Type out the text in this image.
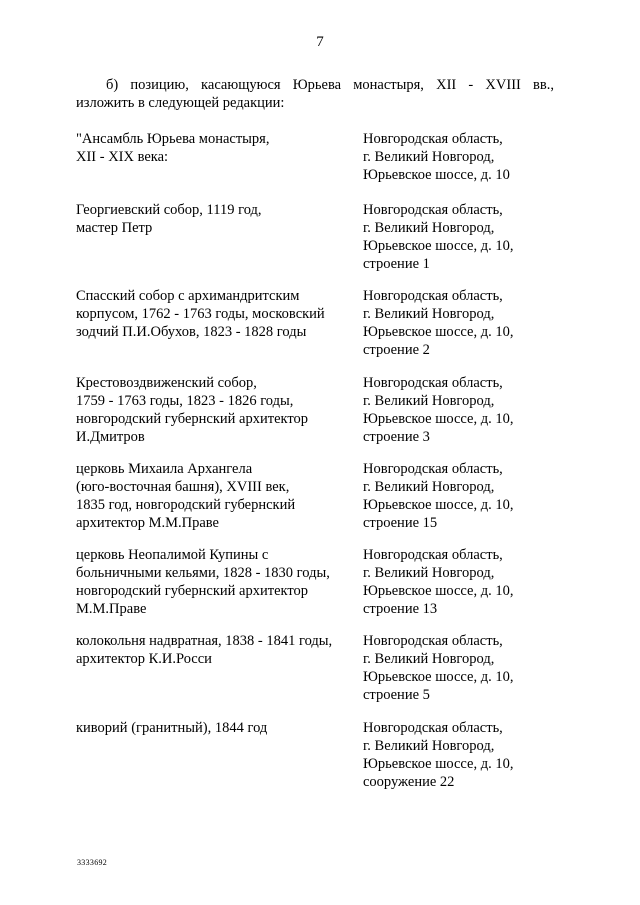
7
б) позицию, касающуюся Юрьева монастыря, XII - XVIII вв.,
изложить в следующей редакции:
"Ансамбль Юрьева монастыря,
XII - XIX века:
Новгородская область,
г. Великий Новгород,
Юрьевское шоссе, д. 10
Георгиевский собор, 1119 год,
мастер Петр
Новгородская область,
г. Великий Новгород,
Юрьевское шоссе, д. 10,
строение 1
Спасский собор с архимандритским
корпусом, 1762 - 1763 годы, московский
зодчий П.И.Обухов, 1823 - 1828 годы
Новгородская область,
г. Великий Новгород,
Юрьевское шоссе, д. 10,
строение 2
Крестовоздвиженский собор,
1759 - 1763 годы, 1823 - 1826 годы,
новгородский губернский архитектор
И.Дмитров
Новгородская область,
г. Великий Новгород,
Юрьевское шоссе, д. 10,
строение 3
церковь Михаила Архангела
(юго-восточная башня), XVIII век,
1835 год, новгородский губернский
архитектор М.М.Праве
Новгородская область,
г. Великий Новгород,
Юрьевское шоссе, д. 10,
строение 15
церковь Неопалимой Купины с
больничными кельями, 1828 - 1830 годы,
новгородский губернский архитектор
М.М.Праве
Новгородская область,
г. Великий Новгород,
Юрьевское шоссе, д. 10,
строение 13
колокольня надвратная, 1838 - 1841 годы,
архитектор К.И.Росси
Новгородская область,
г. Великий Новгород,
Юрьевское шоссе, д. 10,
строение 5
киворий (гранитный), 1844 год	Новгородская область,
г. Великий Новгород,
Юрьевское шоссе, д. 10,
сооружение 22
3333692
